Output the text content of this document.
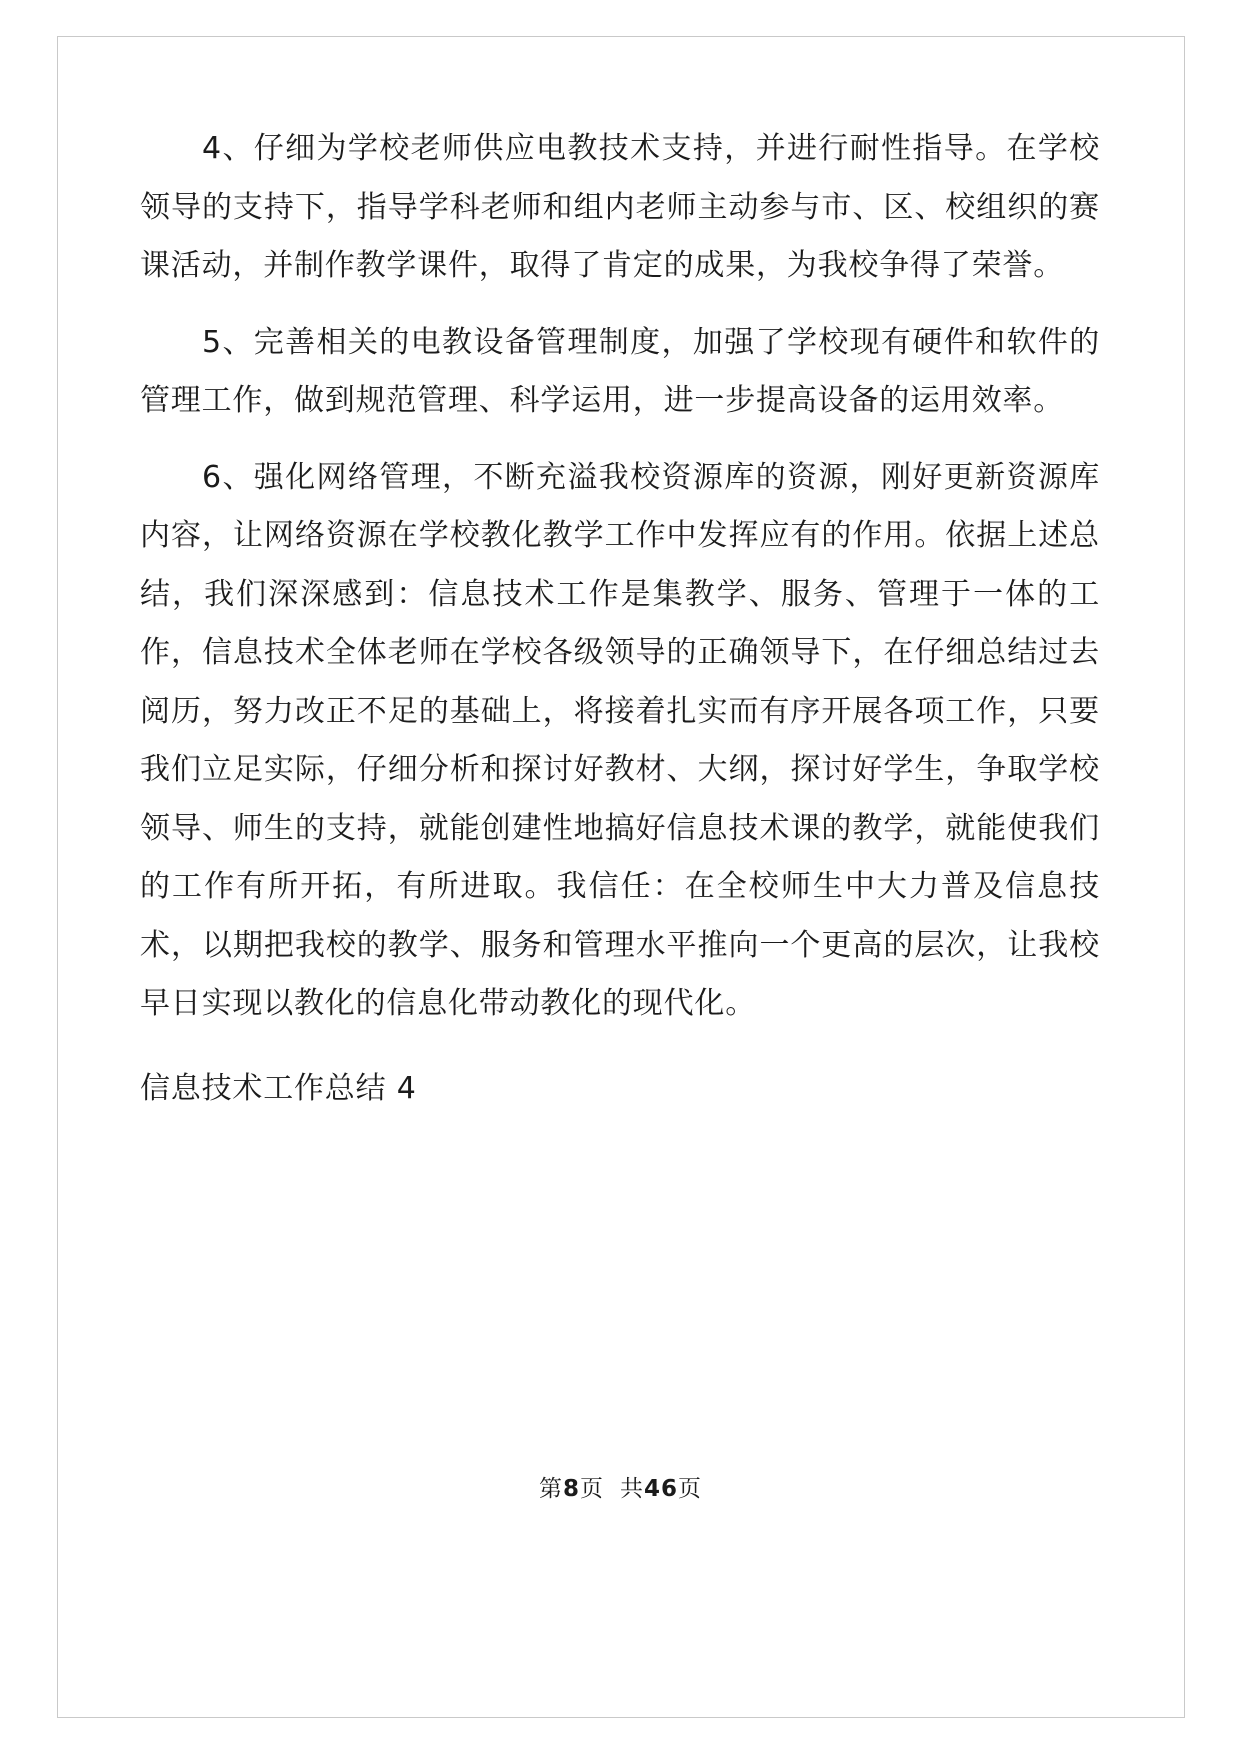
4、仔细为学校老师供应电教技术支持，并进行耐性指导。在学校领导的支持下，指导学科老师和组内老师主动参与市、区、校组织的赛课活动，并制作教学课件，取得了肯定的成果，为我校争得了荣誉。

5、完善相关的电教设备管理制度，加强了学校现有硬件和软件的管理工作，做到规范管理、科学运用，进一步提高设备的运用效率。

6、强化网络管理，不断充溢我校资源库的资源，刚好更新资源库内容，让网络资源在学校教化教学工作中发挥应有的作用。依据上述总结，我们深深感到：信息技术工作是集教学、服务、管理于一体的工作，信息技术全体老师在学校各级领导的正确领导下，在仔细总结过去阅历，努力改正不足的基础上，将接着扎实而有序开展各项工作，只要我们立足实际，仔细分析和探讨好教材、大纲，探讨好学生，争取学校领导、师生的支持，就能创建性地搞好信息技术课的教学，就能使我们的工作有所开拓，有所进取。我信任：在全校师生中大力普及信息技术，以期把我校的教学、服务和管理水平推向一个更高的层次，让我校早日实现以教化的信息化带动教化的现代化。

信息技术工作总结 4

第8页 共46页
